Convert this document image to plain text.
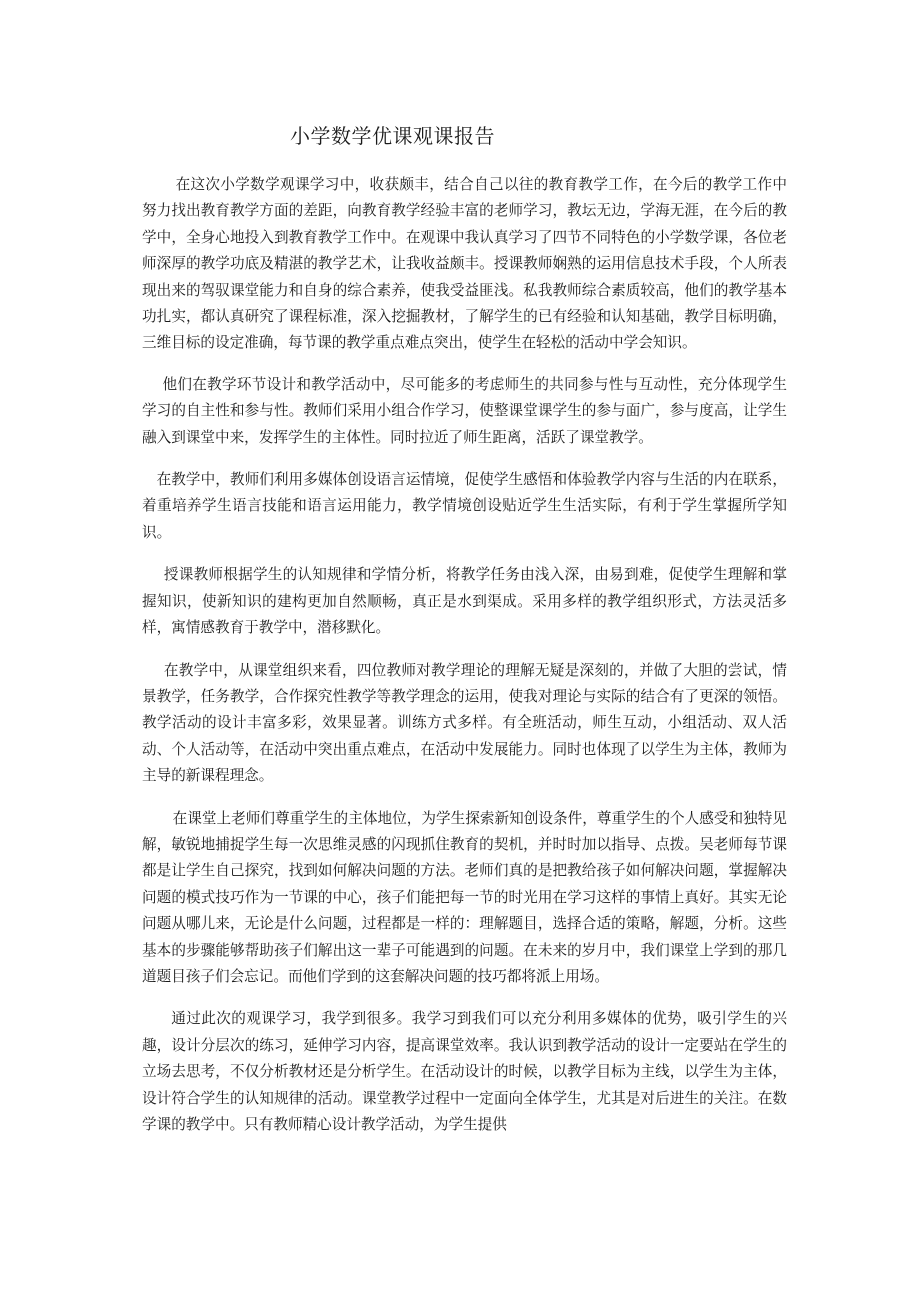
小学数学优课观课报告

在这次小学数学观课学习中，收获颇丰，结合自己以往的教育教学工作，在今后的教学工作中努力找出教育教学方面的差距，向教育教学经验丰富的老师学习，教坛无边，学海无涯，在今后的教学中，全身心地投入到教育教学工作中。在观课中我认真学习了四节不同特色的小学数学课，各位老师深厚的教学功底及精湛的教学艺术，让我收益颇丰。授课教师娴熟的运用信息技术手段，个人所表现出来的驾驭课堂能力和自身的综合素养，使我受益匪浅。私我教师综合素质较高，他们的教学基本功扎实，都认真研究了课程标准，深入挖掘教材，了解学生的已有经验和认知基础，教学目标明确，三维目标的设定准确，每节课的教学重点难点突出，使学生在轻松的活动中学会知识。

他们在教学环节设计和教学活动中，尽可能多的考虑师生的共同参与性与互动性，充分体现学生学习的自主性和参与性。教师们采用小组合作学习，使整课堂课学生的参与面广，参与度高，让学生融入到课堂中来，发挥学生的主体性。同时拉近了师生距离，活跃了课堂教学。

在教学中，教师们利用多媒体创设语言运情境，促使学生感悟和体验教学内容与生活的内在联系，着重培养学生语言技能和语言运用能力，教学情境创设贴近学生生活实际，有利于学生掌握所学知识。

授课教师根据学生的认知规律和学情分析，将教学任务由浅入深，由易到难，促使学生理解和掌握知识，使新知识的建构更加自然顺畅，真正是水到渠成。采用多样的教学组织形式，方法灵活多样，寓情感教育于教学中，潜移默化。

在教学中，从课堂组织来看，四位教师对教学理论的理解无疑是深刻的，并做了大胆的尝试，情景教学，任务教学，合作探究性教学等教学理念的运用，使我对理论与实际的结合有了更深的领悟。教学活动的设计丰富多彩，效果显著。训练方式多样。有全班活动，师生互动，小组活动、双人活动、个人活动等，在活动中突出重点难点，在活动中发展能力。同时也体现了以学生为主体，教师为主导的新课程理念。

在课堂上老师们尊重学生的主体地位，为学生探索新知创设条件，尊重学生的个人感受和独特见解，敏锐地捕捉学生每一次思维灵感的闪现抓住教育的契机，并时时加以指导、点拨。吴老师每节课都是让学生自己探究，找到如何解决问题的方法。老师们真的是把教给孩子如何解决问题，掌握解决问题的模式技巧作为一节课的中心，孩子们能把每一节的时光用在学习这样的事情上真好。其实无论问题从哪儿来，无论是什么问题，过程都是一样的：理解题目，选择合适的策略，解题，分析。这些基本的步骤能够帮助孩子们解出这一辈子可能遇到的问题。在未来的岁月中，我们课堂上学到的那几道题目孩子们会忘记。而他们学到的这套解决问题的技巧都将派上用场。

通过此次的观课学习，我学到很多。我学习到我们可以充分利用多媒体的优势，吸引学生的兴趣，设计分层次的练习，延伸学习内容，提高课堂效率。我认识到教学活动的设计一定要站在学生的立场去思考，不仅分析教材还是分析学生。在活动设计的时候，以教学目标为主线，以学生为主体，设计符合学生的认知规律的活动。课堂教学过程中一定面向全体学生，尤其是对后进生的关注。在数学课的教学中。只有教师精心设计教学活动，为学生提供
